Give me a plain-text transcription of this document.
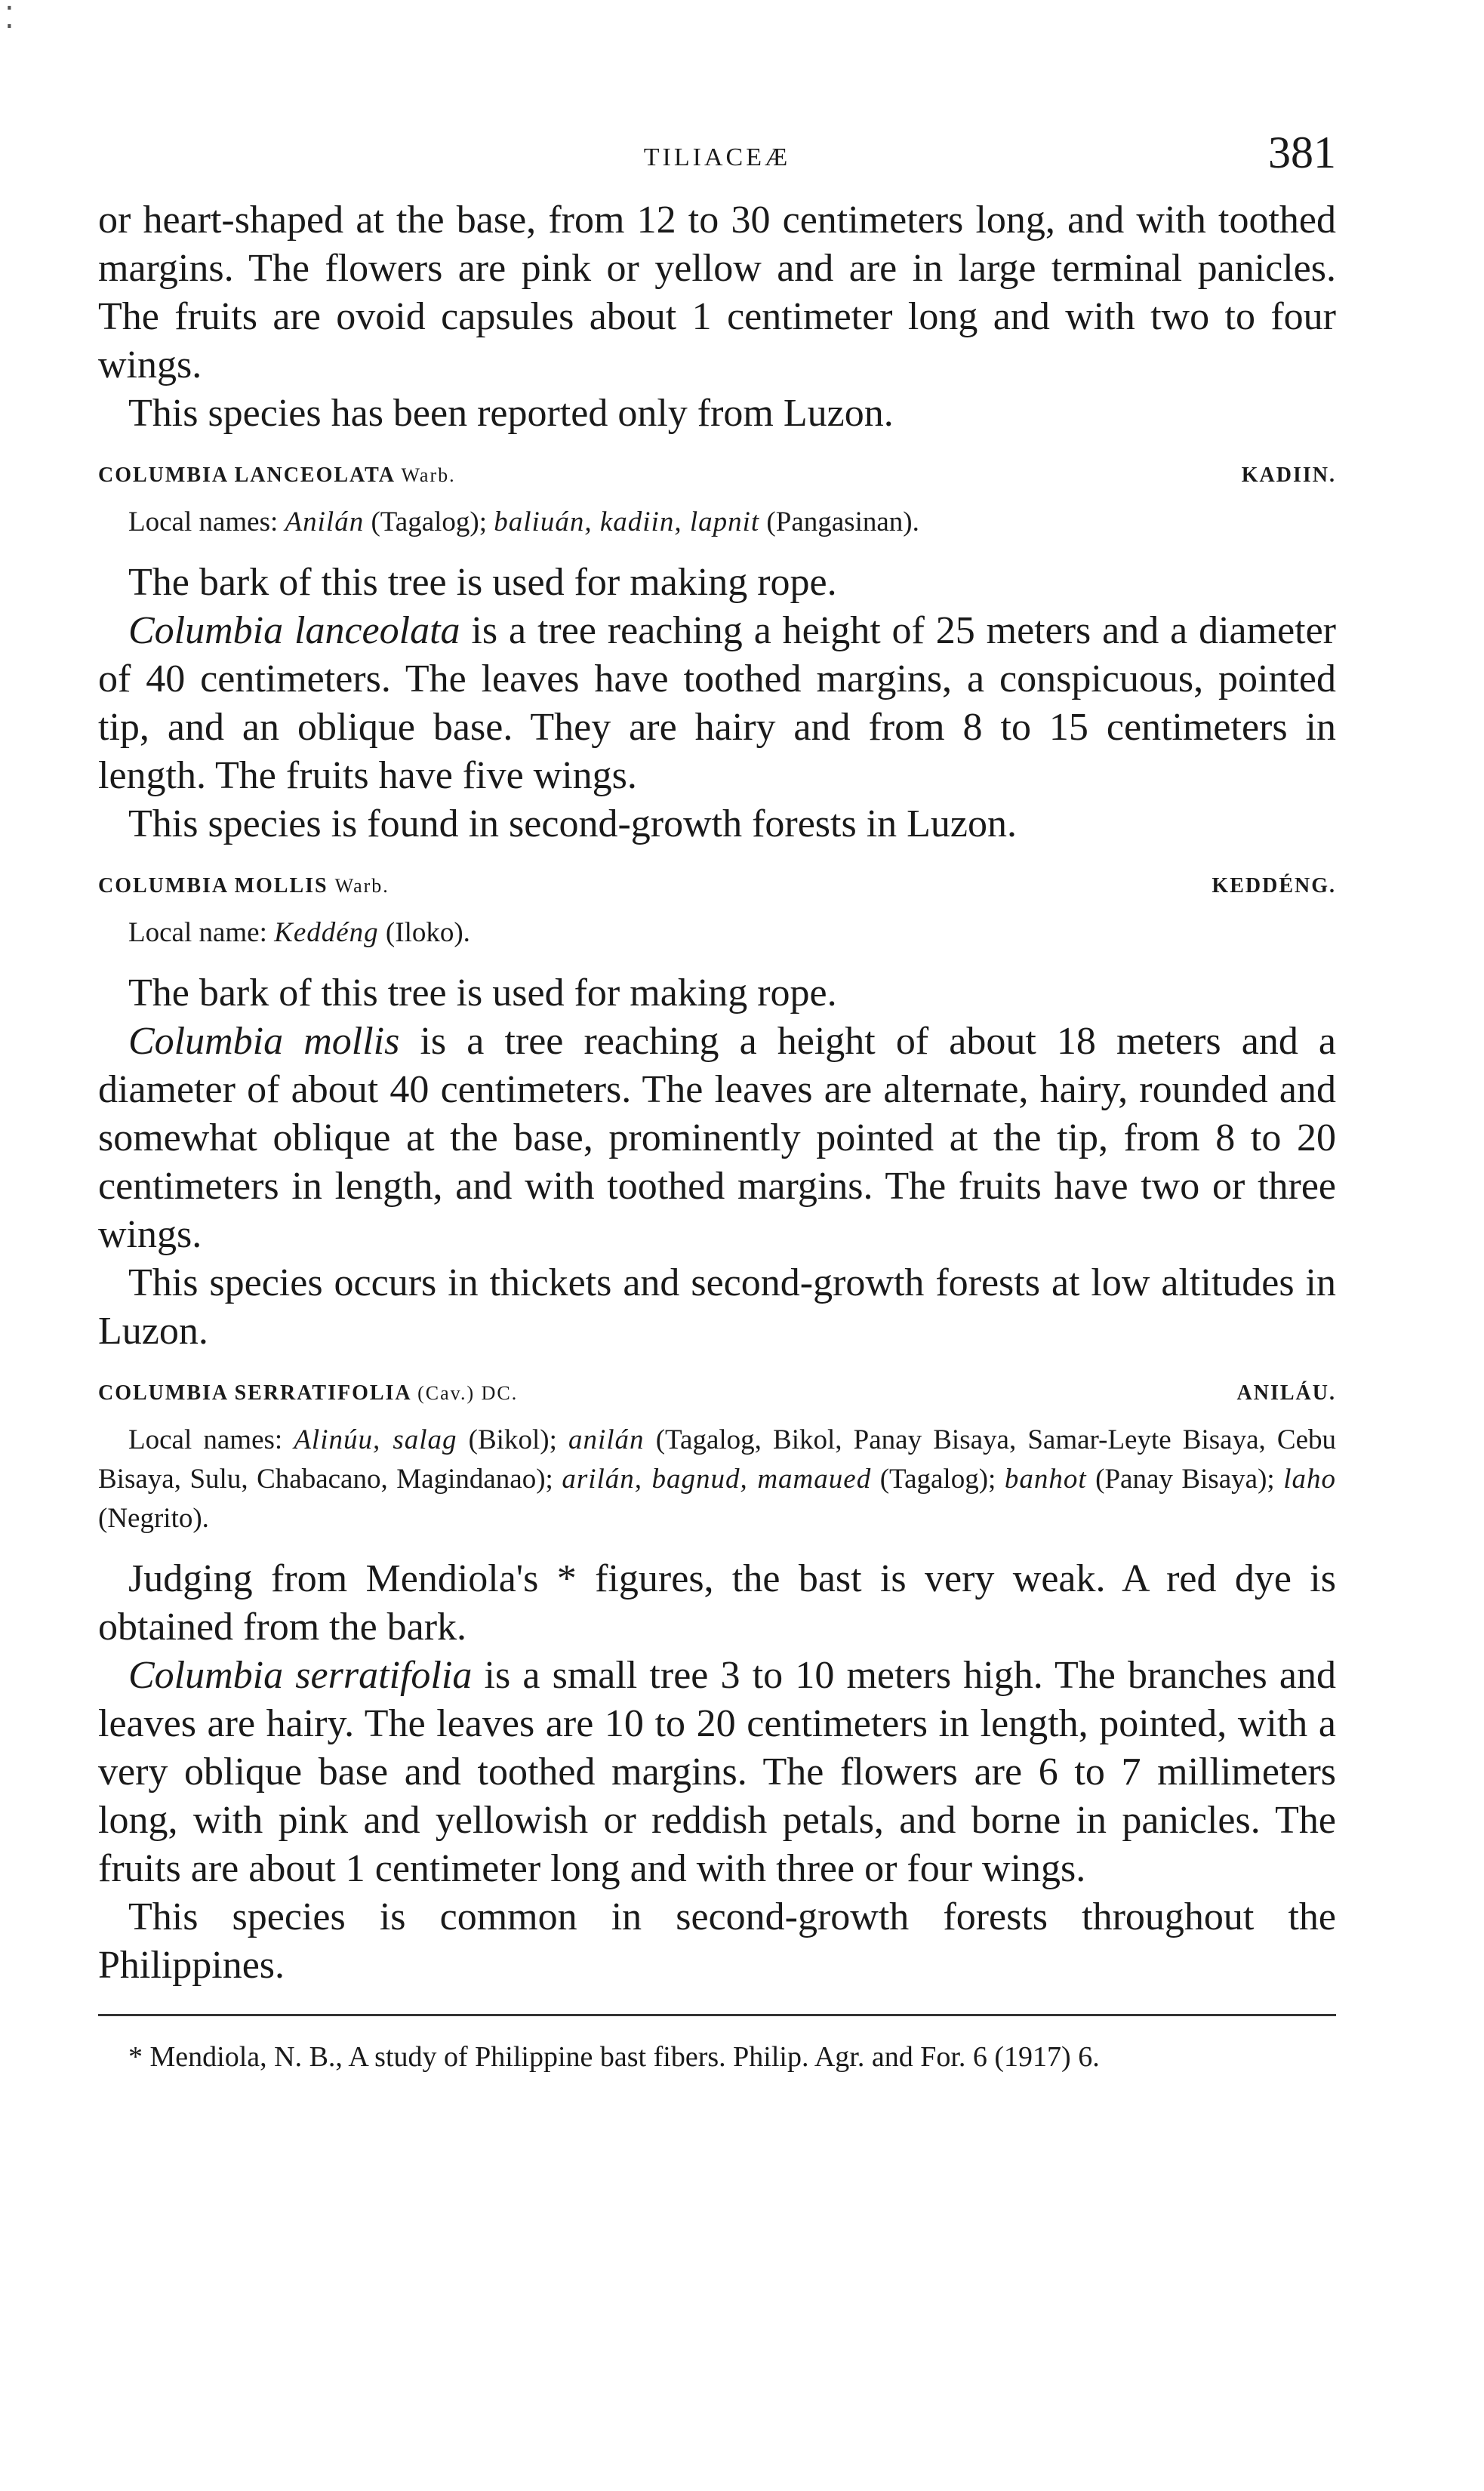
⁚
TILIACEÆ	381

or heart-shaped at the base, from 12 to 30 centimeters long, and with toothed margins. The flowers are pink or yellow and are in large terminal panicles. The fruits are ovoid capsules about 1 centimeter long and with two to four wings.

This species has been reported only from Luzon.

COLUMBIA LANCEOLATA Warb.	KADIIN.
Local names: Anilán (Tagalog); baliuán, kadiin, lapnit (Pangasinan).

The bark of this tree is used for making rope.

Columbia lanceolata is a tree reaching a height of 25 meters and a diameter of 40 centimeters. The leaves have toothed margins, a conspicuous, pointed tip, and an oblique base. They are hairy and from 8 to 15 centimeters in length. The fruits have five wings.

This species is found in second-growth forests in Luzon.

COLUMBIA MOLLIS Warb.	KEDDÉNG.
Local name: Keddéng (Iloko).

The bark of this tree is used for making rope.

Columbia mollis is a tree reaching a height of about 18 meters and a diameter of about 40 centimeters. The leaves are alternate, hairy, rounded and somewhat oblique at the base, prominently pointed at the tip, from 8 to 20 centimeters in length, and with toothed margins. The fruits have two or three wings.

This species occurs in thickets and second-growth forests at low altitudes in Luzon.

COLUMBIA SERRATIFOLIA (Cav.) DC.	ANILÁU.
Local names: Alinúu, salag (Bikol); anilán (Tagalog, Bikol, Panay Bisaya, Samar-Leyte Bisaya, Cebu Bisaya, Sulu, Chabacano, Magindanao); arilán, bagnud, mamaued (Tagalog); banhot (Panay Bisaya); laho (Negrito).

Judging from Mendiola's * figures, the bast is very weak. A red dye is obtained from the bark.

Columbia serratifolia is a small tree 3 to 10 meters high. The branches and leaves are hairy. The leaves are 10 to 20 centimeters in length, pointed, with a very oblique base and toothed margins. The flowers are 6 to 7 millimeters long, with pink and yellowish or reddish petals, and borne in panicles. The fruits are about 1 centimeter long and with three or four wings.

This species is common in second-growth forests throughout the Philippines.

* Mendiola, N. B., A study of Philippine bast fibers. Philip. Agr. and For. 6 (1917) 6.
